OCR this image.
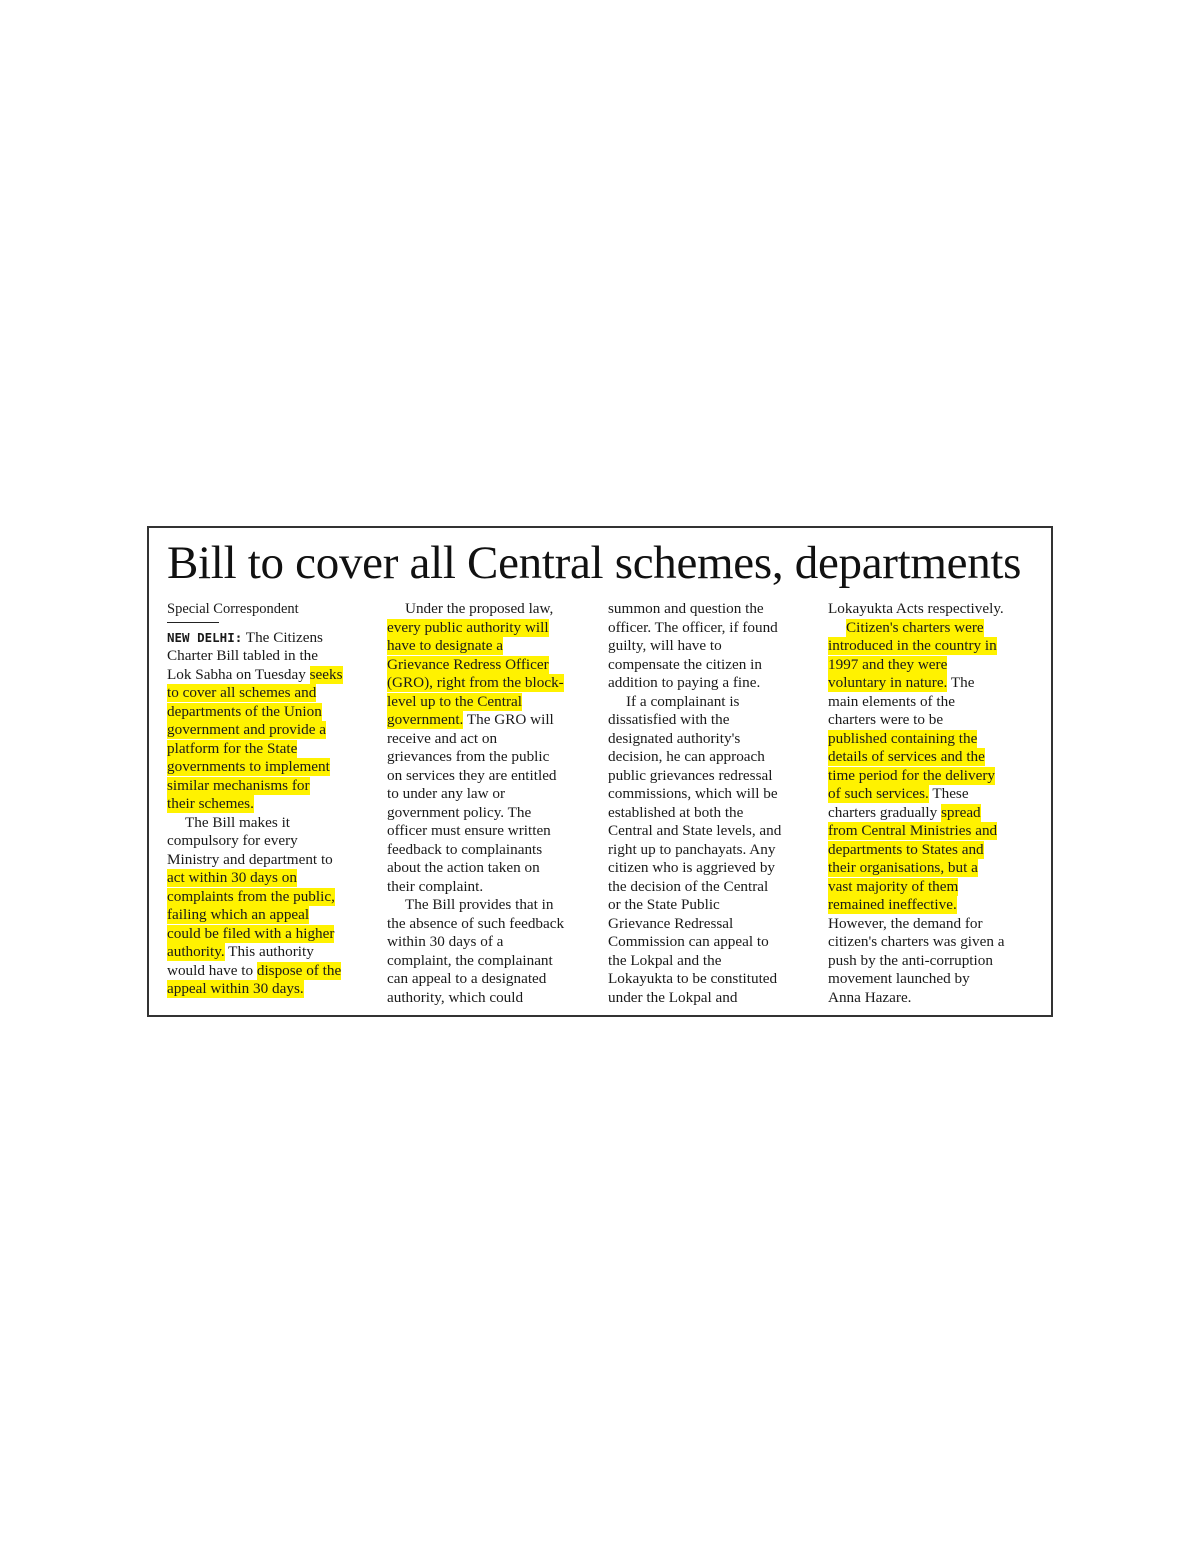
Bill to cover all Central schemes, departments
Special Correspondent
NEW DELHI: The Citizens
Charter Bill tabled in the
Lok Sabha on Tuesday seeks
to cover all schemes and
departments of the Union
government and provide a
platform for the State
governments to implement
similar mechanisms for
their schemes.
The Bill makes it
compulsory for every
Ministry and department to
act within 30 days on
complaints from the public,
failing which an appeal
could be filed with a higher
authority. This authority
would have to dispose of the
appeal within 30 days.
Under the proposed law,
every public authority will
have to designate a
Grievance Redress Officer
(GRO), right from the block-
level up to the Central
government. The GRO will
receive and act on
grievances from the public
on services they are entitled
to under any law or
government policy. The
officer must ensure written
feedback to complainants
about the action taken on
their complaint.
The Bill provides that in
the absence of such feedback
within 30 days of a
complaint, the complainant
can appeal to a designated
authority, which could
summon and question the
officer. The officer, if found
guilty, will have to
compensate the citizen in
addition to paying a fine.
If a complainant is
dissatisfied with the
designated authority's
decision, he can approach
public grievances redressal
commissions, which will be
established at both the
Central and State levels, and
right up to panchayats. Any
citizen who is aggrieved by
the decision of the Central
or the State Public
Grievance Redressal
Commission can appeal to
the Lokpal and the
Lokayukta to be constituted
under the Lokpal and
Lokayukta Acts respectively.
Citizen's charters were
introduced in the country in
1997 and they were
voluntary in nature. The
main elements of the
charters were to be
published containing the
details of services and the
time period for the delivery
of such services. These
charters gradually spread
from Central Ministries and
departments to States and
their organisations, but a
vast majority of them
remained ineffective.
However, the demand for
citizen's charters was given a
push by the anti-corruption
movement launched by
Anna Hazare.
